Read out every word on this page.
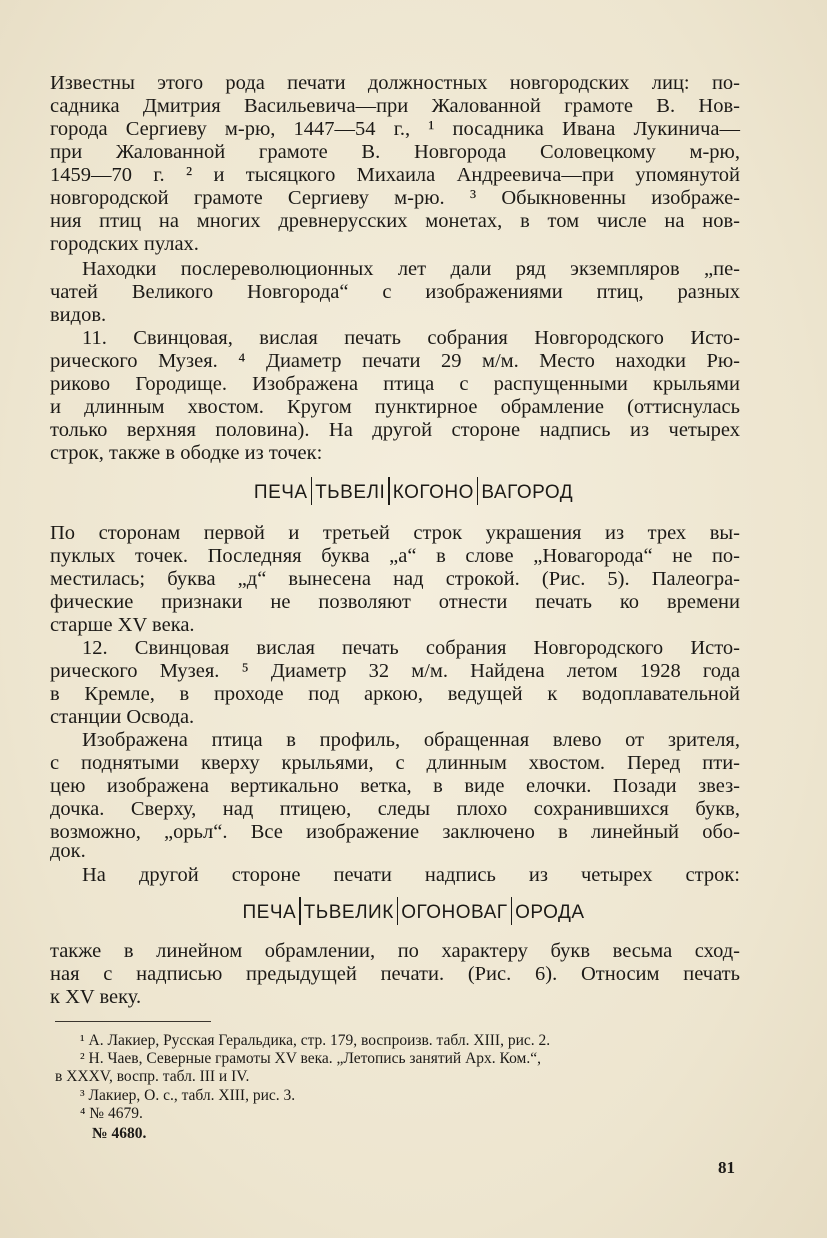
Известны этого рода печати должностных новгородских лиц: по-
садника Дмитрия Васильевича—при Жалованной грамоте В. Нов-
города Сергиеву м-рю, 1447—54 г., ¹ посадника Ивана Лукинича—
при Жалованной грамоте В. Новгорода Соловецкому м-рю,
1459—70 г. ² и тысяцкого Михаила Андреевича—при упомянутой
новгородской грамоте Сергиеву м-рю. ³ Обыкновенны изображе-
ния птиц на многих древнерусских монетах, в том числе на нов-
городских пулах.
Находки послереволюционных лет дали ряд экземпляров „пе-
чатей Великого Новгорода“ с изображениями птиц, разных
видов.
11. Свинцовая, вислая печать собрания Новгородского Исто-
рического Музея. ⁴ Диаметр печати 29 м/м. Место находки Рю-
риково Городище. Изображена птица с распущенными крыльями
и длинным хвостом. Кругом пунктирное обрамление (оттиснулась
только верхняя половина). На другой стороне надпись из четырех
строк, также в ободке из точек:
ПЕЧА ТЬВЕЛI КОГОНО ВАГОРОД
По сторонам первой и третьей строк украшения из трех вы-
пуклых точек. Последняя буква „а“ в слове „Новагорода“ не по-
местилась; буква „д“ вынесена над строкой. (Рис. 5). Палеогра-
фические признаки не позволяют отнести печать ко времени
старше XV века.
12. Свинцовая вислая печать собрания Новгородского Исто-
рического Музея. ⁵ Диаметр 32 м/м. Найдена летом 1928 года
в Кремле, в проходе под аркою, ведущей к водоплавательной
станции Осводa.
Изображена птица в профиль, обращенная влево от зрителя,
с поднятыми кверху крыльями, с длинным хвостом. Перед пти-
цею изображена вертикально ветка, в виде елочки. Позади звез-
дочка. Сверху, над птицею, следы плохо сохранившихся букв,
возможно, „орьл“. Все изображение заключено в линейный обо-
док.
На другой стороне печати надпись из четырех строк:
ПЕЧА ТЬВЕЛИК ОГОНОВАГ ОРОДА
также в линейном обрамлении, по характеру букв весьма сход-
ная с надписью предыдущей печати. (Рис. 6). Относим печать
к XV веку.
¹ А. Лакиер, Русская Геральдика, стр. 179, воспроизв. табл. XIII, рис. 2.
² Н. Чаев, Северные грамоты XV века. „Летопись занятий Арх. Ком.“,
в XXXV, воспр. табл. III и IV.
³ Лакиер, О. с., табл. XIII, рис. 3.
⁴ № 4679.
№ 4680.
81
